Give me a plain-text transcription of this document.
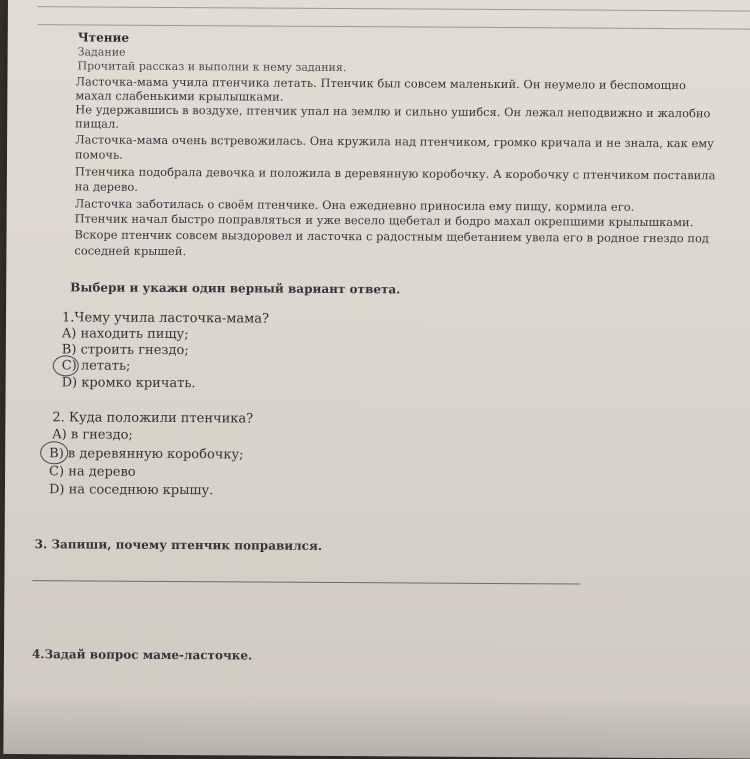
Чтение
Задание
Прочитай рассказ и выполни к нему задания.
Ласточка-мама учила птенчика летать. Птенчик был совсем маленький. Он неумело и беспомощно
махал слабенькими крылышками.
Не удержавшись в воздухе, птенчик упал на землю и сильно ушибся. Он лежал неподвижно и жалобно
пищал.
Ласточка-мама очень встревожилась. Она кружила над птенчиком, громко кричала и не знала, как ему
помочь.
Птенчика подобрала девочка и положила в деревянную коробочку. А коробочку с птенчиком поставила
на дерево.
Ласточка заботилась о своём птенчике. Она ежедневно приносила ему пищу, кормила его.
Птенчик начал быстро поправляться и уже весело щебетал и бодро махал окрепшими крылышками.
Вскоре птенчик совсем выздоровел и ласточка с радостным щебетанием увела его в родное гнездо под
соседней крышей.
Выбери и укажи один верный вариант ответа.
1.Чему учила ласточка-мама?
A) находить пищу;
B) строить гнездо;
C) летать;
D) кромко кричать.
2. Куда положили птенчика?
A) в гнездо;
B) в деревянную коробочку;
C) на дерево
D) на соседнюю крышу.
3. Запиши, почему птенчик поправился.
4.Задай вопрос маме-ласточке.
